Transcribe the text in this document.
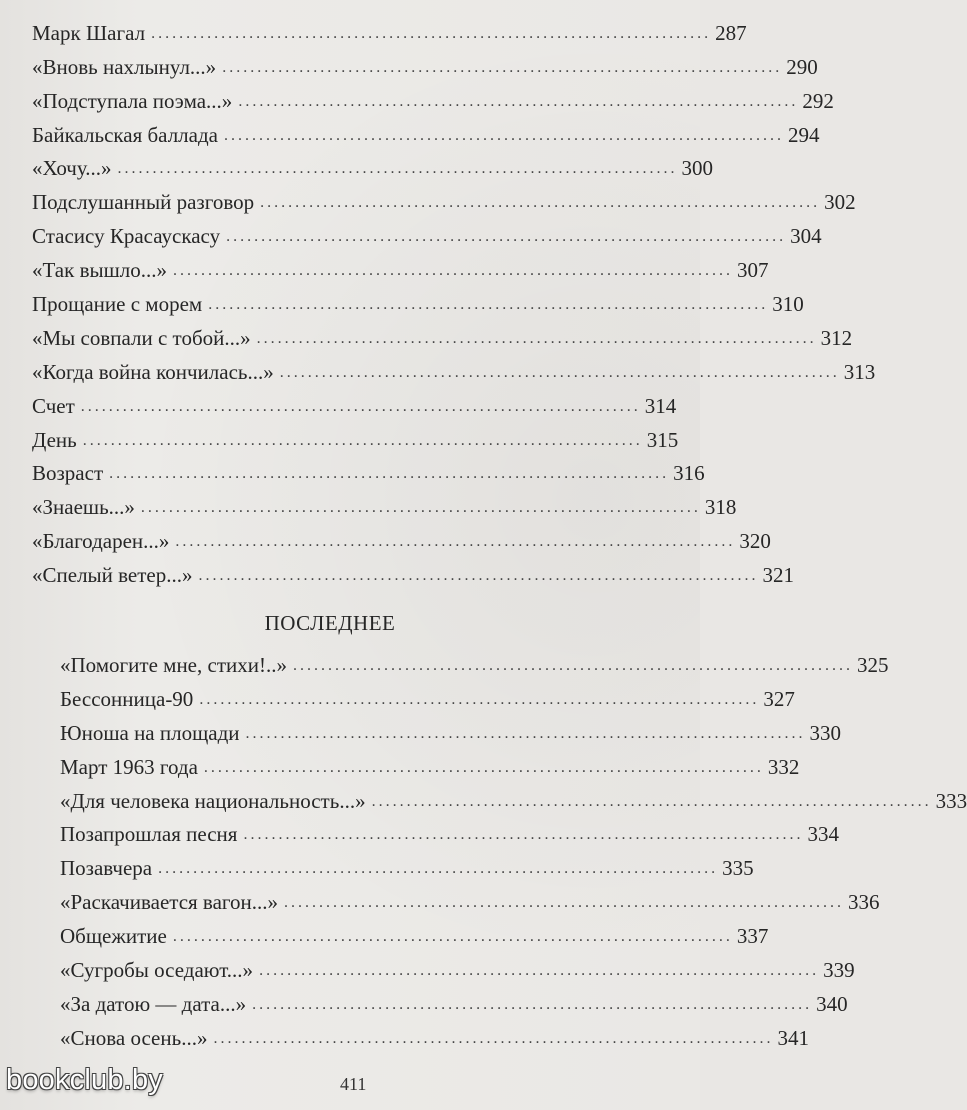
Марк Шагал ................................................................................ 287
«Вновь нахлынул...» ................................................................................ 290
«Подступала поэма...» ................................................................................ 292
Байкальская баллада ................................................................................ 294
«Хочу...» ................................................................................ 300
Подслушанный разговор ................................................................................ 302
Стасису Красаускасу ................................................................................ 304
«Так вышло...» ................................................................................ 307
Прощание с морем ................................................................................ 310
«Мы совпали с тобой...» ................................................................................ 312
«Когда война кончилась...» ................................................................................ 313
Счет ................................................................................ 314
День ................................................................................ 315
Возраст ................................................................................ 316
«Знаешь...» ................................................................................ 318
«Благодарен...» ................................................................................ 320
«Спелый ветер...» ................................................................................ 321
ПОСЛЕДНЕЕ
«Помогите мне, стихи!..» ................................................................................ 325
Бессонница-90 ................................................................................ 327
Юноша на площади ................................................................................ 330
Март 1963 года ................................................................................ 332
«Для человека национальность...» ................................................................................ 333
Позапрошлая песня ................................................................................ 334
Позавчера ................................................................................ 335
«Раскачивается вагон...» ................................................................................ 336
Общежитие ................................................................................ 337
«Сугробы оседают...» ................................................................................ 339
«За датою — дата...» ................................................................................ 340
«Снова осень...» ................................................................................ 341
411
bookclub.by
